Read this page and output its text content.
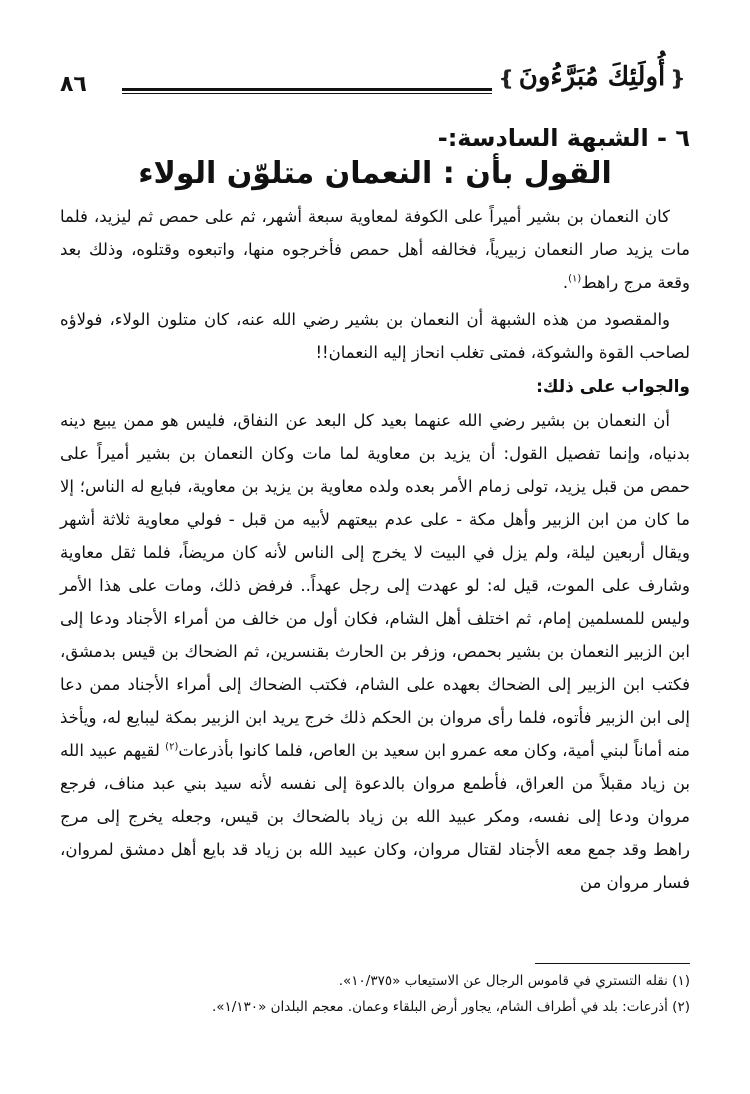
❴أُولَئِكَ مُبَرَّءُونَ❵
٨٦
٦ - الشبهة السادسة:-
القول بأن : النعمان متلوّن الولاء

كان النعمان بن بشير أميراً على الكوفة لمعاوية سبعة أشهر، ثم على حمص ثم ليزيد، فلما مات يزيد صار النعمان زبيرياً، فخالفه أهل حمص فأخرجوه منها، واتبعوه وقتلوه، وذلك بعد وقعة مرج راهط$^{(١)}$.

والمقصود من هذه الشبهة أن النعمان بن بشير رضي الله عنه، كان متلون الولاء، فولاؤه لصاحب القوة والشوكة، فمتى تغلب انحاز إليه النعمان!!

والجواب على ذلك:

أن النعمان بن بشير رضي الله عنهما بعيد كل البعد عن النفاق، فليس هو ممن يبيع دينه بدنياه، وإنما تفصيل القول: أن يزيد بن معاوية لما مات وكان النعمان بن بشير أميراً على حمص من قبل يزيد، تولى زمام الأمر بعده ولده معاوية بن يزيد بن معاوية، فبايع له الناس؛ إلا ما كان من ابن الزبير وأهل مكة - على عدم بيعتهم لأبيه من قبل - فولي معاوية ثلاثة أشهر ويقال أربعين ليلة، ولم يزل في البيت لا يخرج إلى الناس لأنه كان مريضاً، فلما ثقل معاوية وشارف على الموت، قيل له: لو عهدت إلى رجل عهداً.. فرفض ذلك، ومات على هذا الأمر وليس للمسلمين إمام، ثم اختلف أهل الشام، فكان أول من خالف من أمراء الأجناد ودعا إلى ابن الزبير النعمان بن بشير بحمص، وزفر بن الحارث بقنسرين، ثم الضحاك بن قيس بدمشق، فكتب ابن الزبير إلى الضحاك بعهده على الشام، فكتب الضحاك إلى أمراء الأجناد ممن دعا إلى ابن الزبير فأتوه، فلما رأى مروان بن الحكم ذلك خرج يريد ابن الزبير بمكة ليبايع له، ويأخذ منه أماناً لبني أمية، وكان معه عمرو ابن سعيد بن العاص، فلما كانوا بأذرعات$^{(٢)}$ لقيهم عبيد الله بن زياد مقبلاً من العراق، فأطمع مروان بالدعوة إلى نفسه لأنه سيد بني عبد مناف، فرجع مروان ودعا إلى نفسه، ومكر عبيد الله بن زياد بالضحاك بن قيس، وجعله يخرج إلى مرج راهط وقد جمع معه الأجناد لقتال مروان، وكان عبيد الله بن زياد قد بايع أهل دمشق لمروان، فسار مروان من

(١) نقله التستري في قاموس الرجال عن الاستيعاب «١٠/٣٧٥».
(٢) أذرعات: بلد في أطراف الشام، يجاور أرض البلقاء وعمان. معجم البلدان «١/١٣٠».
